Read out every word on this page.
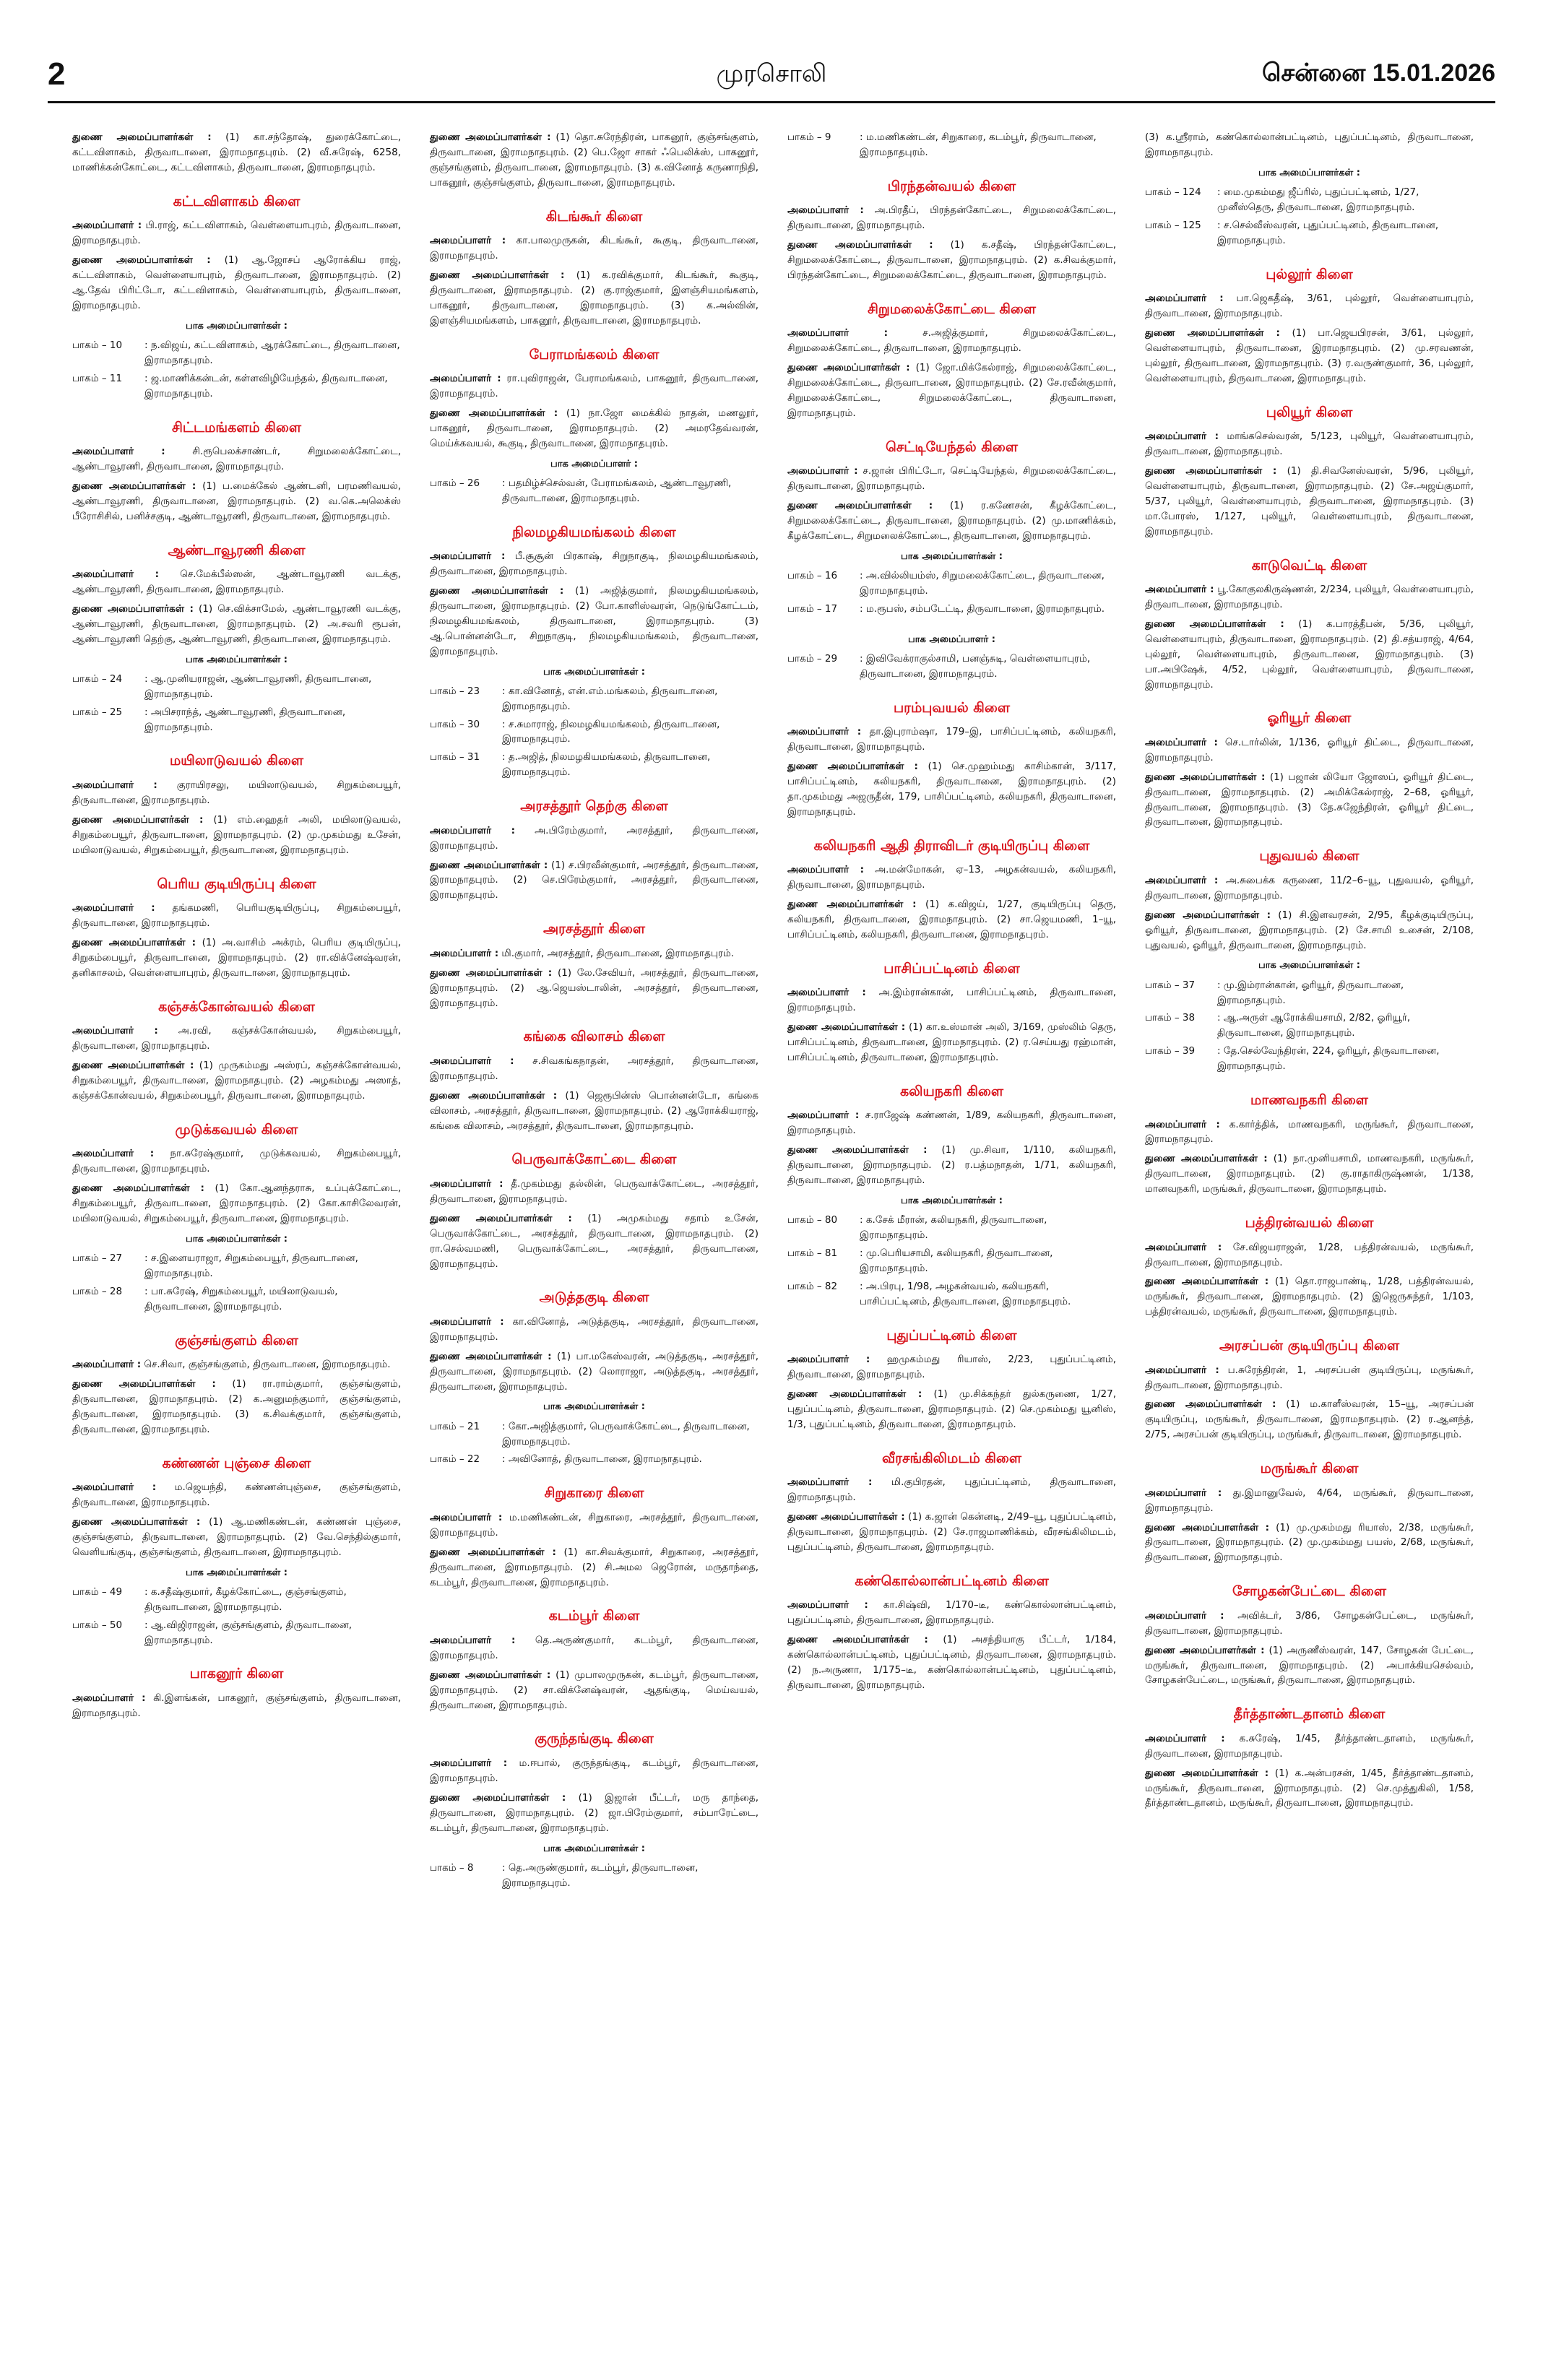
2	முரசொலி	சென்னை 15.01.2026

துணை அமைப்பாளர்கள் : (1) கா.சந்தோஷ், துரைக்கோட்டை, கட்டவிளாகம், திருவாடானை, இராமநாதபுரம். (2) வீ.சுரேஷ், 6258, மாணிக்கன்கோட்டை, கட்டவிளாகம், திருவாடானை, இராமநாதபுரம்.

கட்டவிளாகம் கிளை

அமைப்பாளர் : பி.ராஜ், கட்டவிளாகம், வெள்ளையாபுரம், திருவாடானை, இராமநாதபுரம்.

துணை அமைப்பாளர்கள் : (1) ஆ.ஜோசப் ஆரோக்கிய ராஜ், கட்டவிளாகம், வெள்ளையாபுரம், திருவாடானை, இராமநாதபுரம். (2) ஆ.தேவ் பிரிட்டோ, கட்டவிளாகம், வெள்ளையாபுரம், திருவாடானை, இராமநாதபுரம்.

பாக அமைப்பாளர்கள் :
பாகம் – 10	: ந.விஜய், கட்டவிளாகம், ஆரக்கோட்டை, திருவாடானை, இராமநாதபுரம்.
பாகம் – 11	: ஜ.மாணிக்கன்டன், கள்ளவிழியேந்தல், திருவாடானை, இராமநாதபுரம்.
சிட்டமங்களம் கிளை

அமைப்பாளர் :	சி.ரூபெலக்சாண்டர், சிறுமலைக்கோட்டை, ஆண்டாவூரணி, திருவாடானை, இராமநாதபுரம்.

துணை அமைப்பாளர்கள் : (1) ப.மைக்கேல் ஆண்டனி, பரமணிவயல், ஆண்டாவூரணி, திருவாடானை, இராமநாதபுரம். (2) வ.கெ.அலெக்ஸ் பீரோசிசில், பனிச்சகுடி, ஆண்டாவூரணி, திருவாடானை, இராமநாதபுரம்.

ஆண்டாவூரணி கிளை

அமைப்பாளர் : செ.மேக்பீல்ஸன், ஆண்டாவூரணி வடக்கு, ஆண்டாவூரணி, திருவாடானை, இராமநாதபுரம்.

துணை அமைப்பாளர்கள் : (1) செ.விக்சாமேல், ஆண்டாவூரணி வடக்கு, ஆண்டாவூரணி, திருவாடானை, இராமநாதபுரம். (2) அ.சவரி ரூபன், ஆண்டாவூரணி தெற்கு, ஆண்டாவூரணி, திருவாடானை, இராமநாதபுரம்.

பாக அமைப்பாளர்கள் :
பாகம் – 24	: ஆ.முனியராஜன், ஆண்டாவூரணி, திருவாடானை, இராமநாதபுரம்.
பாகம் – 25	: அபிசராந்த், ஆண்டாவூரணி, திருவாடானை, இராமநாதபுரம்.
மயிலாடுவயல் கிளை

அமைப்பாளர் : குராயிரசலு, மயிலாடுவயல், சிறுகம்பையூர், திருவாடானை, இராமநாதபுரம்.

துணை அமைப்பாளர்கள் : (1) எம்.ஹைதர் அலி, மயிலாடுவயல், சிறுகம்பையூர், திருவாடானை, இராமநாதபுரம். (2) மு.முகம்மது உசேன், மயிலாடுவயல், சிறுகம்பையூர், திருவாடானை, இராமநாதபுரம்.

பெரிய குடியிருப்பு கிளை

அமைப்பாளர் : தங்கமணி, பெரியகுடியிருப்பு, சிறுகம்பையூர், திருவாடானை, இராமநாதபுரம்.

துணை அமைப்பாளர்கள் : (1) அ.வாசிம் அக்ரம், பெரிய குடியிருப்பு, சிறுகம்பையூர், திருவாடானை, இராமநாதபுரம். (2) ரா.விக்னேஷ்வரன், தனிகாசலம், வெள்ளையாபுரம், திருவாடானை, இராமநாதபுரம்.

கஞ்சக்கோன்வயல் கிளை

அமைப்பாளர் : அ.ரவி, கஞ்சக்கோன்வயல், சிறுகம்பையூர், திருவாடானை, இராமநாதபுரம்.

துணை அமைப்பாளர்கள் : (1) முருகம்மது அஸ்ரப், கஞ்சக்கோன்வயல், சிறுகம்பையூர், திருவாடானை, இராமநாதபுரம். (2) அழகம்மது அஸாத், கஞ்சக்கோன்வயல், சிறுகம்பையூர், திருவாடானை, இராமநாதபுரம்.

முடுக்கவயல் கிளை

அமைப்பாளர் : நா.சுரேஷ்குமார், முடுக்கவயல், சிறுகம்பையூர், திருவாடானை, இராமநாதபுரம்.

துணை அமைப்பாளர்கள் : (1) கோ.ஆனந்தராசு, உப்புக்கோட்டை, சிறுகம்பையூர், திருவாடானை, இராமநாதபுரம். (2) கோ.காசிலேவரன், மயிலாடுவயல், சிறுகம்பையூர், திருவாடானை, இராமநாதபுரம்.

பாக அமைப்பாளர்கள் :
பாகம் – 27	: ச.இளையராஜா, சிறுகம்பையூர், திருவாடானை, இராமநாதபுரம்.
பாகம் – 28	: பா.சுரேஷ், சிறுகம்பையூர், மயிலாடுவயல், திருவாடானை, இராமநாதபுரம்.
குஞ்சங்குளம் கிளை

அமைப்பாளர் : செ.சிவா, குஞ்சங்குளம், திருவாடானை, இராமநாதபுரம்.

துணை அமைப்பாளர்கள் : (1) ரா.ராம்குமார், குஞ்சங்குளம், திருவாடானை, இராமநாதபுரம். (2) க.அனுமந்குமார், குஞ்சங்குளம், திருவாடானை, இராமநாதபுரம். (3) க.சிவக்குமார், குஞ்சங்குளம், திருவாடானை, இராமநாதபுரம்.

கண்ணன் புஞ்சை கிளை

அமைப்பாளர் : ம.ஜெயந்தி, கண்ணன்புஞ்சை, குஞ்சங்குளம், திருவாடானை, இராமநாதபுரம்.

துணை அமைப்பாளர்கள் : (1) ஆ.மணிகண்டன், கண்ணன் புஞ்சை, குஞ்சங்குளம், திருவாடானை, இராமநாதபுரம். (2) வே.செந்தில்குமார், வெளியங்குடி, குஞ்சங்குளம், திருவாடானை, இராமநாதபுரம்.

பாக அமைப்பாளர்கள் :
பாகம் – 49	: க.சதீஷ்குமார், கீழக்கோட்டை, குஞ்சங்குளம், திருவாடானை, இராமநாதபுரம்.
பாகம் – 50	: ஆ.விஜிராஜன், குஞ்சங்குளம், திருவாடானை, இராமநாதபுரம்.
பாகனூர் கிளை

அமைப்பாளர் : கி.இளங்கன், பாகனூர், குஞ்சங்குளம், திருவாடானை, இராமநாதபுரம்.

துணை அமைப்பாளர்கள் : (1) தொ.சுரேந்திரன், பாகனூர், குஞ்சங்குளம், திருவாடானை, இராமநாதபுரம். (2) பெ.ஜோ சாகர் ஃபெலிக்ஸ், பாகனூர், குஞ்சங்குளம், திருவாடானை, இராமநாதபுரம். (3) க.வினோத் கருணாநிதி, பாகனூர், குஞ்சங்குளம், திருவாடானை, இராமநாதபுரம்.

கிடங்கூர் கிளை

அமைப்பாளர் : கா.பாலமுருகன், கிடங்கூர், கூகுடி, திருவாடானை, இராமநாதபுரம்.

துணை அமைப்பாளர்கள் : (1) க.ரவிக்குமார், கிடங்கூர், கூகுடி, திருவாடானை, இராமநாதபுரம். (2) கு.ராஜ்குமார், இளஞ்சியமங்களம், பாகனூர், திருவாடானை, இராமநாதபுரம். (3) க.அல்வின், இளஞ்சியமங்களம், பாகனூர், திருவாடானை, இராமநாதபுரம்.

பேராமங்கலம் கிளை

அமைப்பாளர் : ரா.புவிராஜன், பேராமங்கலம், பாகனூர், திருவாடானை, இராமநாதபுரம்.

துணை அமைப்பாளர்கள் : (1) நா.ஜோ மைக்கில் நாதன், மணலூர், பாகனூர், திருவாடானை, இராமநாதபுரம். (2) அமரதேவ்வரன், மெய்க்கவயல், கூகுடி, திருவாடானை, இராமநாதபுரம்.

பாக அமைப்பாளர் :
பாகம் – 26	: பதமிழ்ச்செல்வன், பேராமங்கலம், ஆண்டாவூரணி, திருவாடானை, இராமநாதபுரம்.
நிலமழகியமங்கலம் கிளை

அமைப்பாளர் : பீ.சூசூன் பிரகாஷ், சிறுநாகுடி, நிலமழகியமங்கலம், திருவாடானை, இராமநாதபுரம்.

துணை அமைப்பாளர்கள் : (1) அஜித்குமார், நிலமழகியமங்கலம், திருவாடானை, இராமநாதபுரம். (2) போ.காளிஸ்வரன், நெடுங்கோட்டம், நிலமழகியமங்கலம், திருவாடானை, இராமநாதபுரம். (3) ஆ.பொன்னன்டோ, சிறுநாகுடி, நிலமழகியமங்கலம், திருவாடானை, இராமநாதபுரம்.

பாக அமைப்பாளர்கள் :
பாகம் – 23	: கா.வினோத், என்.எம்.மங்கலம், திருவாடானை, இராமநாதபுரம்.
பாகம் – 30	: ச.சுமாராஜ், நிலமழகியமங்கலம், திருவாடானை, இராமநாதபுரம்.
பாகம் – 31	: த.அஜித், நிலமழகியமங்கலம், திருவாடானை, இராமநாதபுரம்.
அரசத்தூர் தெற்கு கிளை

அமைப்பாளர் : அ.பிரேம்குமார், அரசத்தூர், திருவாடானை, இராமநாதபுரம்.

துணை அமைப்பாளர்கள் : (1) ச.பிரவீன்குமார், அரசத்தூர், திருவாடானை, இராமநாதபுரம். (2) செ.பிரேம்குமார், அரசத்தூர், திருவாடானை, இராமநாதபுரம்.

அரசத்தூர் கிளை

அமைப்பாளர் : மி.குமார், அரசத்தூர், திருவாடானை, இராமநாதபுரம்.

துணை அமைப்பாளர்கள் : (1) லே.சேவியர், அரசத்தூர், திருவாடானை, இராமநாதபுரம். (2) ஆ.ஜெயஸ்டாலின், அரசத்தூர், திருவாடானை, இராமநாதபுரம்.

கங்கை விலாசம் கிளை

அமைப்பாளர் : ச.சிவகங்கநாதன், அரசத்தூர், திருவாடானை, இராமநாதபுரம்.

துணை அமைப்பாளர்கள் : (1) ஜெரூபின்ஸ் பொன்னன்டோ, கங்கை விலாசம், அரசத்தூர், திருவாடானை, இராமநாதபுரம். (2) ஆரோக்கியராஜ், கங்கை விலாசம், அரசத்தூர், திருவாடானை, இராமநாதபுரம்.

பெருவாக்கோட்டை கிளை

அமைப்பாளர் : தீ.முகம்மது தல்லின், பெருவாக்கோட்டை, அரசத்தூர், திருவாடானை, இராமநாதபுரம்.

துணை அமைப்பாளர்கள் : (1) அமுகம்மது சதாம் உசேன், பெருவாக்கோட்டை, அரசத்தூர், திருவாடானை, இராமநாதபுரம். (2) ரா.செல்வமணி, பெருவாக்கோட்டை, அரசத்தூர், திருவாடானை, இராமநாதபுரம்.

அடுத்தகுடி கிளை

அமைப்பாளர் : கா.வினோத், அடுத்தகுடி, அரசத்தூர், திருவாடானை, இராமநாதபுரம்.

துணை அமைப்பாளர்கள் : (1) பா.மகேஸ்வரன், அடுத்தகுடி, அரசத்தூர், திருவாடானை, இராமநாதபுரம். (2) லொராஜா, அடுத்தகுடி, அரசத்தூர், திருவாடானை, இராமநாதபுரம்.

பாக அமைப்பாளர்கள் :
பாகம் – 21	: கோ.அஜித்குமார், பெருவாக்கோட்டை, திருவாடானை, இராமநாதபுரம்.
பாகம் – 22	: அவினோத், திருவாடானை, இராமநாதபுரம்.
சிறுகாரை கிளை

அமைப்பாளர் : ம.மணிகண்டன், சிறுகாரை, அரசத்தூர், திருவாடானை, இராமநாதபுரம்.

துணை அமைப்பாளர்கள் : (1) கா.சிவக்குமார், சிறுகாரை, அரசத்தூர், திருவாடானை, இராமநாதபுரம். (2) சி.அமல ஜெரோன், மருதாந்தை, கடம்பூர், திருவாடானை, இராமநாதபுரம்.

கடம்பூர் கிளை

அமைப்பாளர் : தெ.அருண்குமார், கடம்பூர், திருவாடானை, இராமநாதபுரம்.

துணை அமைப்பாளர்கள் : (1) முபாலமுருகன், கடம்பூர், திருவாடானை, இராமநாதபுரம். (2) சா.விக்னேஷ்வரன், ஆதங்குடி, மெய்வயல், திருவாடானை, இராமநாதபுரம்.

குருந்தங்குடி கிளை

அமைப்பாளர் : ம.ஈபால், குருந்தங்குடி, கடம்பூர், திருவாடானை, இராமநாதபுரம்.

துணை அமைப்பாளர்கள் : (1) இஜான் பீட்டர், மரு தாந்தை, திருவாடானை, இராமநாதபுரம். (2) ஜா.பிரேம்குமார், சம்பாரேட்டை, கடம்பூர், திருவாடானை, இராமநாதபுரம்.

பாக அமைப்பாளர்கள் :
பாகம் – 8	: தெ.அருண்குமார், கடம்பூர், திருவாடானை, இராமநாதபுரம்.
பாகம் – 9	: ம.மணிகண்டன், சிறுகாரை, கடம்பூர், திருவாடானை, இராமநாதபுரம்.
பிரந்தன்வயல் கிளை

அமைப்பாளர் : அ.பிரதீப், பிரந்தன்கோட்டை, சிறுமலைக்கோட்டை, திருவாடானை, இராமநாதபுரம்.

துணை அமைப்பாளர்கள் : (1) க.சதீஷ், பிரந்தன்கோட்டை, சிறுமலைக்கோட்டை, திருவாடானை, இராமநாதபுரம். (2) க.சிவக்குமார், பிரந்தன்கோட்டை, சிறுமலைக்கோட்டை, திருவாடானை, இராமநாதபுரம்.

சிறுமலைக்கோட்டை கிளை

அமைப்பாளர் :	ச.அஜித்குமார், சிறுமலைக்கோட்டை, சிறுமலைக்கோட்டை, திருவாடானை, இராமநாதபுரம்.

துணை அமைப்பாளர்கள் : (1) ஜோ.மிக்கேல்ராஜ், சிறுமலைக்கோட்டை, சிறுமலைக்கோட்டை, திருவாடானை, இராமநாதபுரம். (2) சே.ரவீன்குமார், சிறுமலைக்கோட்டை, சிறுமலைக்கோட்டை, திருவாடானை, இராமநாதபுரம்.

செட்டியேந்தல் கிளை

அமைப்பாளர் : ச.ஜான் பிரிட்டோ, செட்டியேந்தல், சிறுமலைக்கோட்டை, திருவாடானை, இராமநாதபுரம்.

துணை அமைப்பாளர்கள் : (1) ர.கணேசன், கீழக்கோட்டை, சிறுமலைக்கோட்டை, திருவாடானை, இராமநாதபுரம். (2) மு.மாணிக்கம், கீழக்கோட்டை, சிறுமலைக்கோட்டை, திருவாடானை, இராமநாதபுரம்.

பாக அமைப்பாளர்கள் :
பாகம் – 16	: அ.வில்லியம்ஸ், சிறுமலைக்கோட்டை, திருவாடானை, இராமநாதபுரம்.
பாகம் – 17	: ம.ரூபஸ், சம்படேட்டி, திருவாடானை, இராமநாதபுரம்.
பாக அமைப்பாளர் :
பாகம் – 29	: இவிவேக்ராகுல்சாமி, பனஞ்சுடி, வெள்ளையாபுரம், திருவாடானை, இராமநாதபுரம்.
பரம்புவயல் கிளை

அமைப்பாளர் : தா.இபுராம்ஷா, 179–இ, பாசிப்பட்டினம், கலியநகரி, திருவாடானை, இராமநாதபுரம்.

துணை அமைப்பாளர்கள் : (1) செ.முஹம்மது காசிம்கான், 3/117, பாசிப்பட்டினம், கலியநகரி, திருவாடானை, இராமநாதபுரம். (2) தா.முகம்மது அஜருதீன், 179, பாசிப்பட்டினம், கலியநகரி, திருவாடானை, இராமநாதபுரம்.

கலியநகரி ஆதி திராவிடர் குடியிருப்பு கிளை

அமைப்பாளர் : அ.மன்மோகன், ஏ–13, அழகன்வயல், கலியநகரி, திருவாடானை, இராமநாதபுரம்.

துணை அமைப்பாளர்கள் : (1) க.விஜய், 1/27, குடியிருப்பு தெரு, கலியநகரி, திருவாடானை, இராமநாதபுரம். (2) சா.ஜெயமணி, 1–யூ, பாசிப்பட்டினம், கலியநகரி, திருவாடானை, இராமநாதபுரம்.

பாசிப்பட்டினம் கிளை

அமைப்பாளர் : அ.இம்ரான்கான், பாசிப்பட்டினம், திருவாடானை, இராமநாதபுரம்.

துணை அமைப்பாளர்கள் : (1) கா.உஸ்மான் அலி, 3/169, முஸ்லிம் தெரு, பாசிப்பட்டினம், திருவாடானை, இராமநாதபுரம். (2) ர.செய்யது ரஹ்மான், பாசிப்பட்டினம், திருவாடானை, இராமநாதபுரம்.

கலியநகரி கிளை

அமைப்பாளர் : ச.ராஜேஷ் கண்ணன், 1/89, கலியநகரி, திருவாடானை, இராமநாதபுரம்.

துணை அமைப்பாளர்கள் : (1) மு.சிவா, 1/110, கலியநகரி, திருவாடானை, இராமநாதபுரம். (2) ர.பத்மநாதன், 1/71, கலியநகரி, திருவாடானை, இராமநாதபுரம்.

பாக அமைப்பாளர்கள் :
பாகம் – 80	: க.சேக் மீரான், கலியநகரி, திருவாடானை, இராமநாதபுரம்.
பாகம் – 81	: மு.பெரியசாமி, கலியநகரி, திருவாடானை, இராமநாதபுரம்.
பாகம் – 82	: அ.பிரபு, 1/98, அழகன்வயல், கலியநகரி, பாசிப்பட்டினம், திருவாடானை, இராமநாதபுரம்.
புதுப்பட்டினம் கிளை

அமைப்பாளர் : ஹமுகம்மது ரியாஸ், 2/23, புதுப்பட்டினம், திருவாடானை, இராமநாதபுரம்.

துணை அமைப்பாளர்கள் : (1) மு.சிக்கந்தர் துல்கருணை, 1/27, புதுப்பட்டினம், திருவாடானை, இராமநாதபுரம். (2) செ.முகம்மது யூனிஸ், 1/3, புதுப்பட்டினம், திருவாடானை, இராமநாதபுரம்.

வீரசங்கிலிமடம் கிளை

அமைப்பாளர் : மி.குபிரதன், புதுப்பட்டினம், திருவாடானை, இராமநாதபுரம்.

துணை அமைப்பாளர்கள் : (1) க.ஜான் கென்னடி, 2/49–யூ, புதுப்பட்டினம், திருவாடானை, இராமநாதபுரம். (2) சே.ராஜமாணிக்கம், வீரசங்கிலிமடம், புதுப்பட்டினம், திருவாடானை, இராமநாதபுரம்.

கண்கொல்லான்பட்டினம் கிளை

அமைப்பாளர் : கா.சிஷ்வி, 1/170–டீ, கண்கொல்லான்பட்டினம், புதுப்பட்டினம், திருவாடானை, இராமநாதபுரம்.

துணை அமைப்பாளர்கள் : (1) அசந்தியாகு பீட்டர், 1/184, கண்கொல்லான்பட்டினம், புதுப்பட்டினம், திருவாடானை, இராமநாதபுரம். (2) ந.அருணா, 1/175–டீ, கண்கொல்லான்பட்டினம், புதுப்பட்டினம், திருவாடானை, இராமநாதபுரம்.

(3) க.ஸ்ரீராம், கண்கொல்லான்பட்டினம், புதுப்பட்டினம், திருவாடானை, இராமநாதபுரம்.

பாக அமைப்பாளர்கள் :
பாகம் – 124	: மை.முகம்மது ஜீப்ரில், புதுப்பட்டினம், 1/27, முனீஸ்தெரு, திருவாடானை, இராமநாதபுரம்.
பாகம் – 125	: ச.செல்வீஸ்வரன், புதுப்பட்டினம், திருவாடானை, இராமநாதபுரம்.
புல்லூர் கிளை

அமைப்பாளர் : பா.ஜெகதீஷ், 3/61, புல்லூர், வெள்ளையாபுரம், திருவாடானை, இராமநாதபுரம்.

துணை அமைப்பாளர்கள் : (1) பா.ஜெயபிரசன், 3/61, புல்லூர், வெள்ளையாபுரம், திருவாடானை, இராமநாதபுரம். (2) மு.சரவணன், புல்லூர், திருவாடானை, இராமநாதபுரம். (3) ர.வருண்குமார், 36, புல்லூர், வெள்ளையாபுரம், திருவாடானை, இராமநாதபுரம்.

புலியூர் கிளை

அமைப்பாளர் : மாங்கசெல்வரன், 5/123, புலியூர், வெள்ளையாபுரம், திருவாடானை, இராமநாதபுரம்.

துணை அமைப்பாளர்கள் : (1) தி.சிவனேஸ்வரன், 5/96, புலியூர், வெள்ளையாபுரம், திருவாடானை, இராமநாதபுரம். (2) சே.அஜய்குமார், 5/37, புலியூர், வெள்ளையாபுரம், திருவாடானை, இராமநாதபுரம். (3) மா.போரஸ், 1/127, புலியூர், வெள்ளையாபுரம், திருவாடானை, இராமநாதபுரம்.

காடுவெட்டி கிளை

அமைப்பாளர் : பூ.கோகுலகிருஷ்ணன், 2/234, புலியூர், வெள்ளையாபுரம், திருவாடானை, இராமநாதபுரம்.

துணை அமைப்பாளர்கள் : (1) க.பாரத்தீபன், 5/36, புலியூர், வெள்ளையாபுரம், திருவாடானை, இராமநாதபுரம். (2) தி.சத்யராஜ், 4/64, புல்லூர், வெள்ளையாபுரம், திருவாடானை, இராமநாதபுரம். (3) பா.அபிஷேக், 4/52, புல்லூர், வெள்ளையாபுரம், திருவாடானை, இராமநாதபுரம்.

ஓரியூர் கிளை

அமைப்பாளர் : செ.டார்லின், 1/136, ஓரியூர் திட்டை, திருவாடானை, இராமநாதபுரம்.

துணை அமைப்பாளர்கள் : (1) பஜான் லியோ ஜோஸப், ஓரியூர் திட்டை, திருவாடானை, இராமநாதபுரம். (2) அமிக்கேல்ராஜ், 2–68, ஓரியூர், திருவாடானை, இராமநாதபுரம். (3) தே.சுஜேந்திரன், ஓரியூர் திட்டை, திருவாடானை, இராமநாதபுரம்.

புதுவயல் கிளை

அமைப்பாளர் : அ.சுபைக்க கருணை, 11/2–6–யூ, புதுவயல், ஓரியூர், திருவாடானை, இராமநாதபுரம்.

துணை அமைப்பாளர்கள் : (1) சி.இளவரசன், 2/95, கீழக்குடியிருப்பு, ஓரியூர், திருவாடானை, இராமநாதபுரம். (2) சே.சாமி உசைன், 2/108, புதுவயல், ஓரியூர், திருவாடானை, இராமநாதபுரம்.

பாக அமைப்பாளர்கள் :
பாகம் – 37	: மு.இம்ரான்கான், ஓரியூர், திருவாடானை, இராமநாதபுரம்.
பாகம் – 38	: ஆ.அருள் ஆரோக்கியசாமி, 2/82, ஓரியூர், திருவாடானை, இராமநாதபுரம்.
பாகம் – 39	: தே.செல்வேந்திரன், 224, ஓரியூர், திருவாடானை, இராமநாதபுரம்.
மாணவநகரி கிளை

அமைப்பாளர் : க.கார்த்திக், மாணவநகரி, மருங்கூர், திருவாடானை, இராமநாதபுரம்.

துணை அமைப்பாளர்கள் : (1) நா.முனியசாமி, மாணவநகரி, மருங்கூர், திருவாடானை, இராமநாதபுரம். (2) கு.ராதாகிருஷ்ணன், 1/138, மானவநகரி, மருங்கூர், திருவாடானை, இராமநாதபுரம்.

பத்திரன்வயல் கிளை

அமைப்பாளர் : சே.விஜயராஜன், 1/28, பத்திரன்வயல், மருங்கூர், திருவாடானை, இராமநாதபுரம்.

துணை அமைப்பாளர்கள் : (1) தொ.ராஜபாண்டி, 1/28, பத்திரன்வயல், மருங்கூர், திருவாடானை, இராமநாதபுரம். (2) இஜெருசுந்தர், 1/103, பத்திரன்வயல், மருங்கூர், திருவாடானை, இராமநாதபுரம்.

அரசப்பன் குடியிருப்பு கிளை

அமைப்பாளர் : ப.சுரேந்திரன், 1, அரசப்பன் குடியிருப்பு, மருங்கூர், திருவாடானை, இராமநாதபுரம்.

துணை அமைப்பாளர்கள் : (1) ம.காளீஸ்வரன், 15–யூ, அரசப்பன் குடியிருப்பு, மருங்கூர், திருவாடானை, இராமநாதபுரம். (2) ர.ஆனந்த், 2/75, அரசப்பன் குடியிருப்பு, மருங்கூர், திருவாடானை, இராமநாதபுரம்.

மருங்கூர் கிளை

அமைப்பாளர் : து.இமானுவேல், 4/64, மருங்கூர், திருவாடானை, இராமநாதபுரம்.

துணை அமைப்பாளர்கள் : (1) மு.முகம்மது ரியாஸ், 2/38, மருங்கூர், திருவாடானை, இராமநாதபுரம். (2) மு.முகம்மது பயஸ், 2/68, மருங்கூர், திருவாடானை, இராமநாதபுரம்.

சோழகன்பேட்டை கிளை

அமைப்பாளர் : அவிக்டர், 3/86, சோழகன்பேட்டை, மருங்கூர், திருவாடானை, இராமநாதபுரம்.

துணை அமைப்பாளர்கள் : (1) அருணீஸ்வரன், 147, சோழகன் பேட்டை, மருங்கூர், திருவாடானை, இராமநாதபுரம். (2) அபாக்கியசெல்வம், சோழகன்பேட்டை, மருங்கூர், திருவாடானை, இராமநாதபுரம்.

தீர்த்தாண்டதானம் கிளை

அமைப்பாளர் : க.சுரேஷ், 1/45, தீர்த்தாண்டதானம், மருங்கூர், திருவாடானை, இராமநாதபுரம்.

துணை அமைப்பாளர்கள் : (1) க.அன்பரசன், 1/45, தீர்த்தாண்டதானம், மருங்கூர், திருவாடானை, இராமநாதபுரம். (2) செ.முத்துகிலி, 1/58, தீர்த்தாண்டதானம், மருங்கூர், திருவாடானை, இராமநாதபுரம்.
